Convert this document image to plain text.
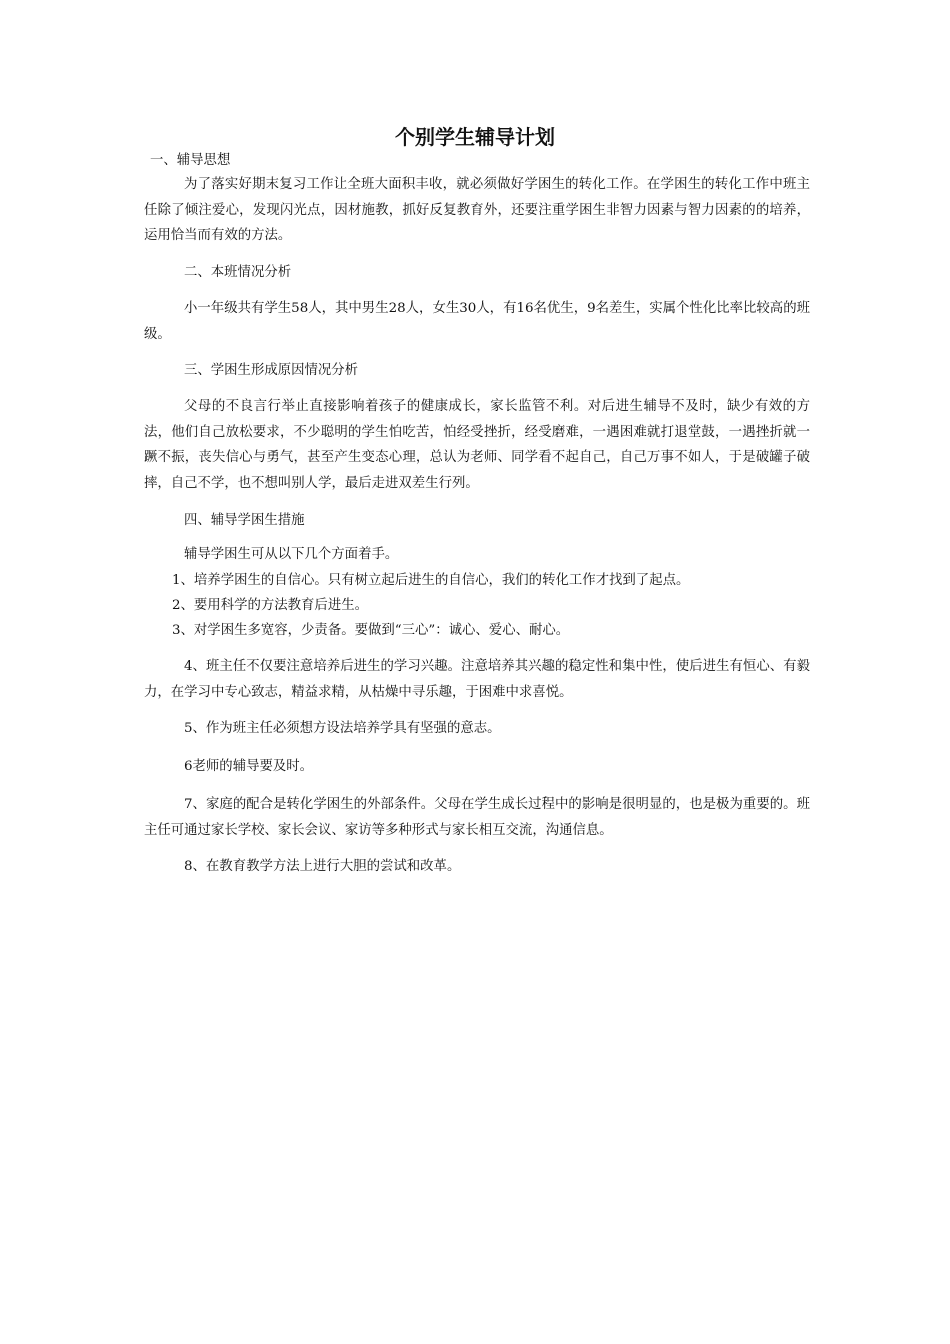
个别学生辅导计划

一、辅导思想

为了落实好期末复习工作让全班大面积丰收，就必须做好学困生的转化工作。在学困生的转化工作中班主任除了倾注爱心，发现闪光点，因材施教，抓好反复教育外，还要注重学困生非智力因素与智力因素的的培养，运用恰当而有效的方法。

二、本班情况分析

小一年级共有学生58人，其中男生28人，女生30人，有16名优生，9名差生，实属个性化比率比较高的班级。

三、学困生形成原因情况分析

父母的不良言行举止直接影响着孩子的健康成长，家长监管不利。对后进生辅导不及时，缺少有效的方法，他们自己放松要求，不少聪明的学生怕吃苦，怕经受挫折，经受磨难，一遇困难就打退堂鼓，一遇挫折就一蹶不振，丧失信心与勇气，甚至产生变态心理，总认为老师、同学看不起自己，自己万事不如人，于是破罐子破摔，自己不学，也不想叫别人学，最后走进双差生行列。

四、辅导学困生措施

辅导学困生可从以下几个方面着手。

1、培养学困生的自信心。只有树立起后进生的自信心，我们的转化工作才找到了起点。

2、要用科学的方法教育后进生。

3、对学困生多宽容，少责备。要做到“三心”：诚心、爱心、耐心。

4、班主任不仅要注意培养后进生的学习兴趣。注意培养其兴趣的稳定性和集中性，使后进生有恒心、有毅力，在学习中专心致志，精益求精，从枯燥中寻乐趣，于困难中求喜悦。

5、作为班主任必须想方设法培养学具有坚强的意志。

6老师的辅导要及时。

7、家庭的配合是转化学困生的外部条件。父母在学生成长过程中的影响是很明显的，也是极为重要的。班主任可通过家长学校、家长会议、家访等多种形式与家长相互交流，沟通信息。

8、在教育教学方法上进行大胆的尝试和改革。
